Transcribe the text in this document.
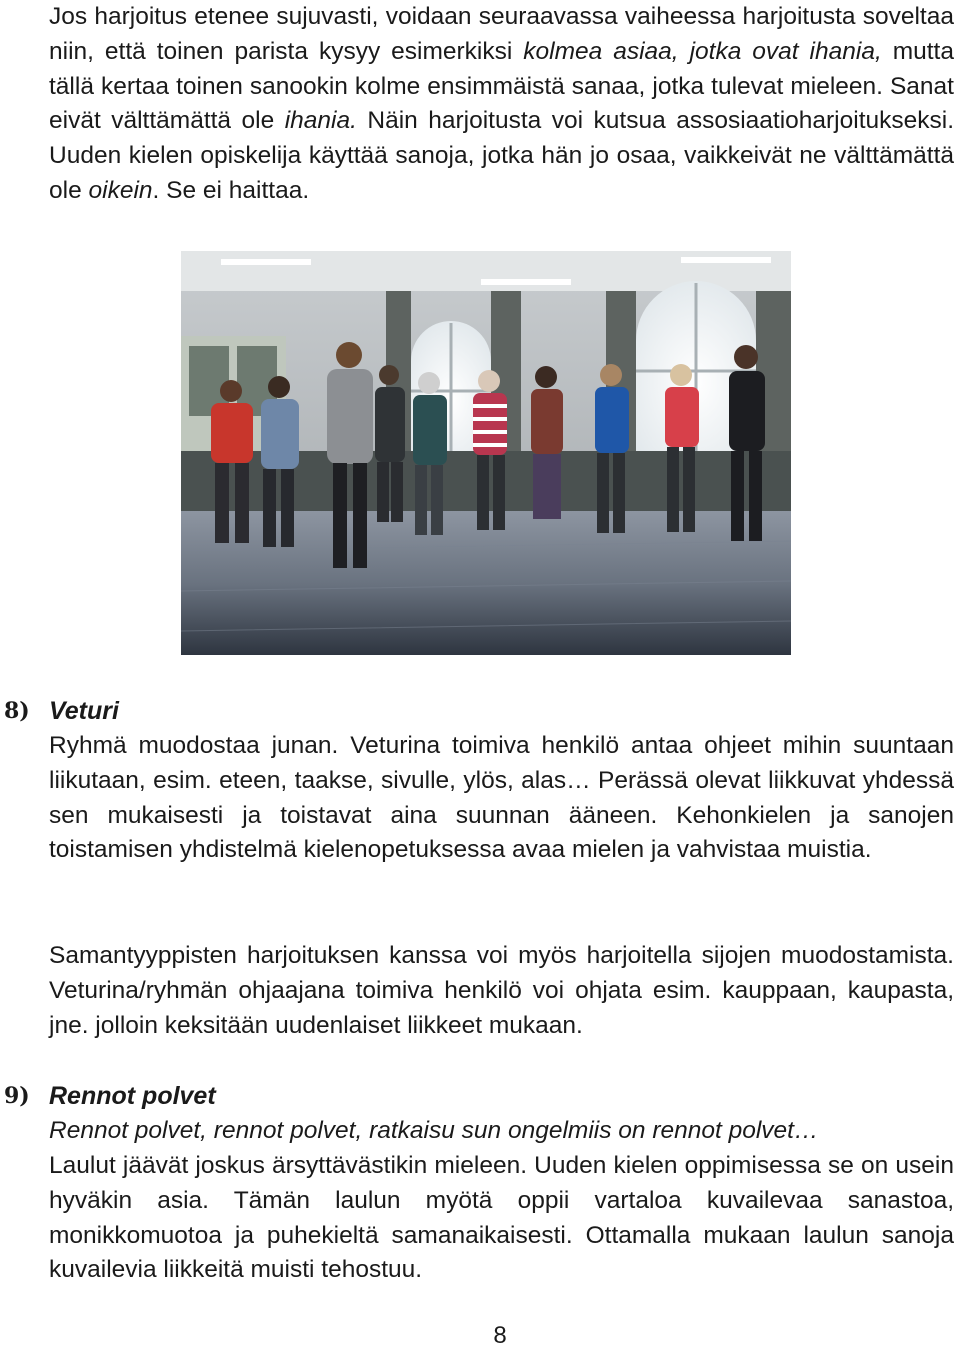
Jos harjoitus etenee sujuvasti, voidaan seuraavassa vaiheessa harjoitusta soveltaa niin, että toinen parista kysyy esimerkiksi kolmea asiaa, jotka ovat ihania, mutta tällä kertaa toinen sanookin kolme ensimmäistä sanaa, jotka tulevat mieleen. Sanat eivät välttämättä ole ihania. Näin harjoitusta voi kutsua assosiaatioharjoitukseksi. Uuden kielen opiskelija käyttää sanoja, jotka hän jo osaa, vaikkeivät ne välttämättä ole oikein. Se ei haittaa.

8) Veturi

Ryhmä muodostaa junan. Veturina toimiva henkilö antaa ohjeet mihin suuntaan liikutaan, esim. eteen, taakse, sivulle, ylös, alas… Perässä olevat liikkuvat yhdessä sen mukaisesti ja toistavat aina suunnan ääneen. Kehonkielen ja sanojen toistamisen yhdistelmä kielenopetuksessa avaa mielen ja vahvistaa muistia.

Samantyyppisten harjoituksen kanssa voi myös harjoitella sijojen muodostamista. Veturina/ryhmän ohjaajana toimiva henkilö voi ohjata esim. kauppaan, kaupasta, jne. jolloin keksitään uudenlaiset liikkeet mukaan.

9) Rennot polvet

Rennot polvet, rennot polvet, ratkaisu sun ongelmiis on rennot polvet…

Laulut jäävät joskus ärsyttävästikin mieleen. Uuden kielen oppimisessa se on usein hyväkin asia. Tämän laulun myötä oppii vartaloa kuvailevaa sanastoa, monikkomuotoa ja puhekieltä samanaikaisesti. Ottamalla mukaan laulun sanoja kuvailevia liikkeitä muisti tehostuu.

8
